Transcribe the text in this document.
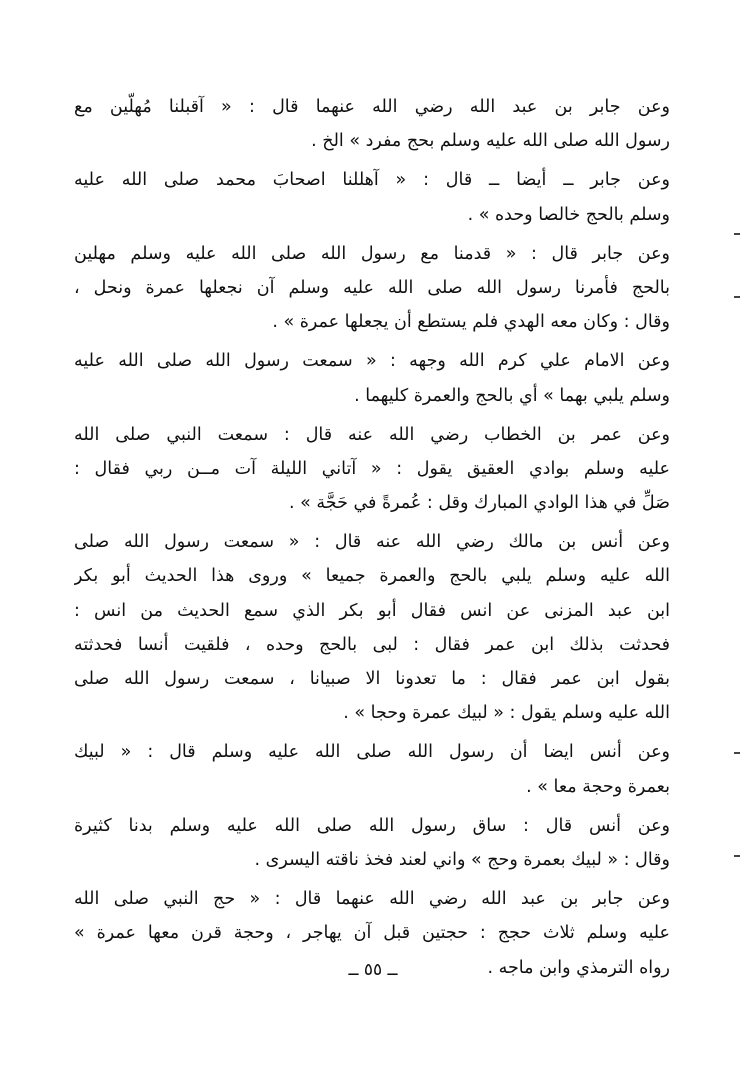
وعن جابر بن عبد الله رضي الله عنهما قال : « آقبلنا مُهلّين مع
رسول الله صلى الله عليه وسلم بحج مفرد » الخ .
وعن جابر ــ أيضا ــ قال : « آهللنا اصحابَ محمد صلى الله عليه
وسلم بالحج خالصا وحده » .
وعن جابر قال : « قدمنا مع رسول الله صلى الله عليه وسلم مهلين
بالحج فأمرنا رسول الله صلى الله عليه وسلم آن نجعلها عمرة ونحل ،
وقال : وكان معه الهدي فلم يستطع أن يجعلها عمرة » .
وعن الامام علي كرم الله وجهه : « سمعت رسول الله صلى الله عليه
وسلم يلبي بهما » أي بالحج والعمرة كليهما .
وعن عمر بن الخطاب رضي الله عنه قال : سمعت النبي صلى الله
عليه وسلم بوادي العقيق يقول : « آتاني الليلة آت مــن ربي فقال :
صَلِّ في هذا الوادي المبارك وقل : عُمرةً في حَجَّة » .
وعن أنس بن مالك رضي الله عنه قال : « سمعت رسول الله صلى
الله عليه وسلم يلبي بالحج والعمرة جميعا » وروى هذا الحديث أبو بكر
ابن عبد المزنى عن انس فقال أبو بكر الذي سمع الحديث من انس :
فحدثت بذلك ابن عمر فقال : لبى بالحج وحده ، فلقيت أنسا فحدثته
بقول ابن عمر فقال : ما تعدونا الا صبيانا ، سمعت رسول الله صلى
الله عليه وسلم يقول : « لبيك عمرة وحجا » .
وعن أنس ايضا أن رسول الله صلى الله عليه وسلم قال : « لبيك
بعمرة وحجة معا » .
وعن أنس قال : ساق رسول الله صلى الله عليه وسلم بدنا كثيرة
وقال : « لبيك بعمرة وحج » واني لعند فخذ ناقته اليسرى .
وعن جابر بن عبد الله رضي الله عنهما قال : « حج النبي صلى الله
عليه وسلم ثلاث حجج : حجتين قبل آن يهاجر ، وحجة قرن معها عمرة »
رواه الترمذي وابن ماجه .
ــ ٥٥ ــ
